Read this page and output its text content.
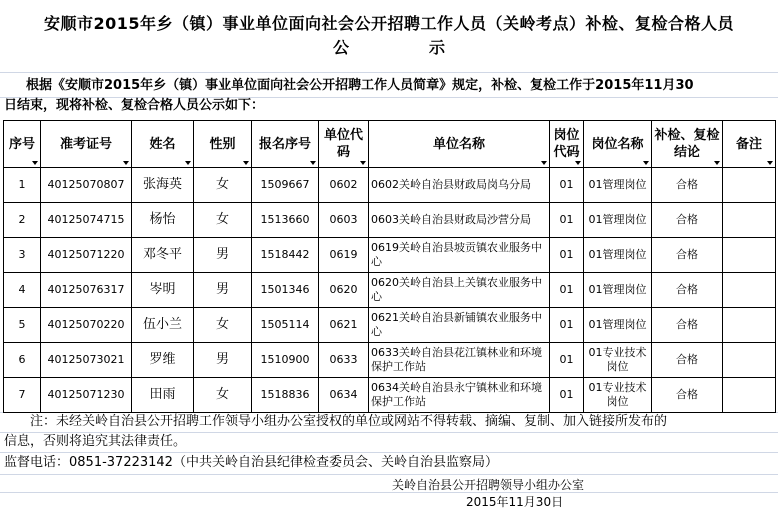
安顺市2015年乡（镇）事业单位面向社会公开招聘工作人员（关岭考点）补检、复检合格人员
公示
根据《安顺市2015年乡（镇）事业单位面向社会公开招聘工作人员简章》规定，补检、复检工作于2015年11月30
日结束，现将补检、复检合格人员公示如下：
序号	准考证号	姓名	性别	报名序号	单位代码	单位名称	岗位代码	岗位名称	补检、复检结论	备注

1	40125070807	张海英	女	1509667	0602	0602关岭自治县财政局岗乌分局	01	01管理岗位	合格	
2	40125074715	杨怡	女	1513660	0603	0603关岭自治县财政局沙营分局	01	01管理岗位	合格	
3	40125071220	邓冬平	男	1518442	0619	0619关岭自治县坡贡镇农业服务中心	01	01管理岗位	合格	
4	40125076317	岑明	男	1501346	0620	0620关岭自治县上关镇农业服务中心	01	01管理岗位	合格	
5	40125070220	伍小兰	女	1505114	0621	0621关岭自治县新铺镇农业服务中心	01	01管理岗位	合格	
6	40125073021	罗维	男	1510900	0633	0633关岭自治县花江镇林业和环境保护工作站	01	01专业技术岗位	合格	
7	40125071230	田雨	女	1518836	0634	0634关岭自治县永宁镇林业和环境保护工作站	01	01专业技术岗位	合格	
注：未经关岭自治县公开招聘工作领导小组办公室授权的单位或网站不得转载、摘编、复制、加入链接所发布的
信息，否则将追究其法律责任。
监督电话：0851-37223142（中共关岭自治县纪律检查委员会、关岭自治县监察局）
关岭自治县公开招聘领导小组办公室
2015年11月30日
